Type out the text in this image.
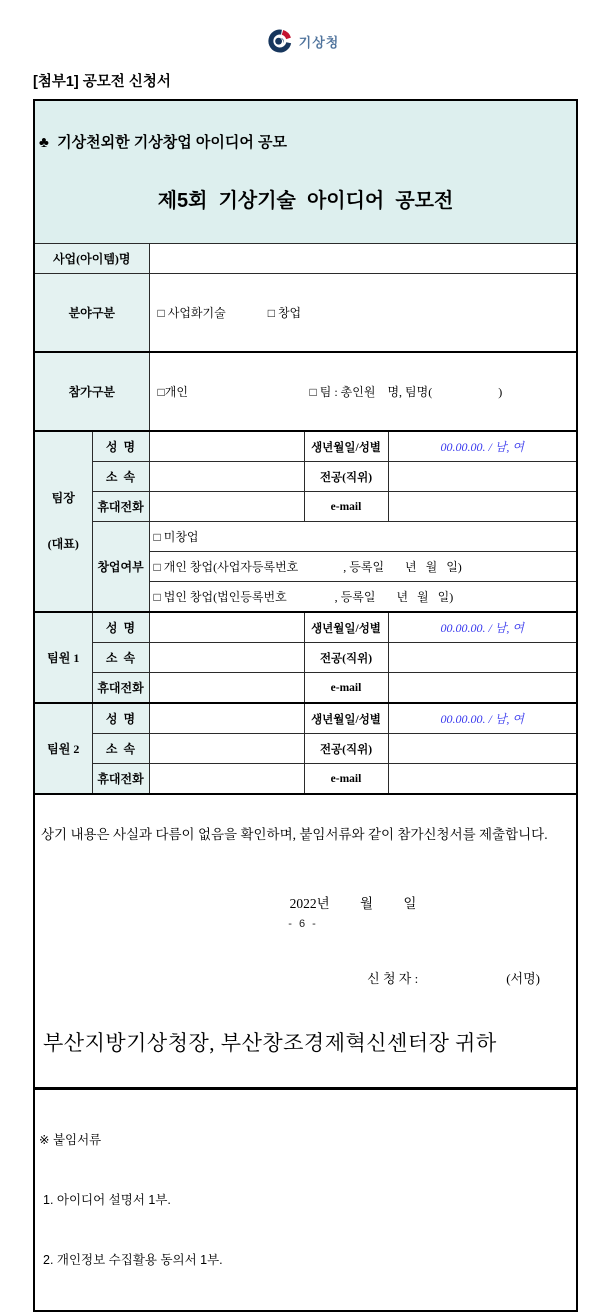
기상청
[첨부1] 공모전 신청서

♣  기상천외한 기상창업 아이디어 공모

제5회  기상기술  아이디어  공모전				

사업(아이템)명				
분야구분		□ 사업화기술 □ 창업		

참가구분		□개인 □ 팀 : 총인원    명, 팀명(                      )		

팀장

(대표)	성  명		생년월일/성별	00.00.00. / 남, 여
	소  속		전공(직위)	
	휴대전화		e-mail	
	창업여부	□ 미창업		
		□ 개인 창업(사업자등록번호               , 등록일       년   월   일)		
		□ 법인 창업(법인등록번호                , 등록일       년   월   일)		
팀원 1	성  명		생년월일/성별	00.00.00. / 남, 여
	소  속		전공(직위)	
	휴대전화		e-mail	
팀원 2	성  명		생년월일/성별	00.00.00. / 남, 여
	소  속		전공(직위)	
	휴대전화		e-mail	

상기 내용은 사실과 다름이 없음을 확인하며, 붙임서류와 같이 참가신청서를 제출합니다.

2022년         월         일

신 청 자 : (서명)

부산지방기상청장, 부산창조경제혁신센터장 귀하				

※ 붙임서류

1. 아이디어 설명서 1부.

2. 개인정보 수집활용 동의서 1부.				

- 6 -
